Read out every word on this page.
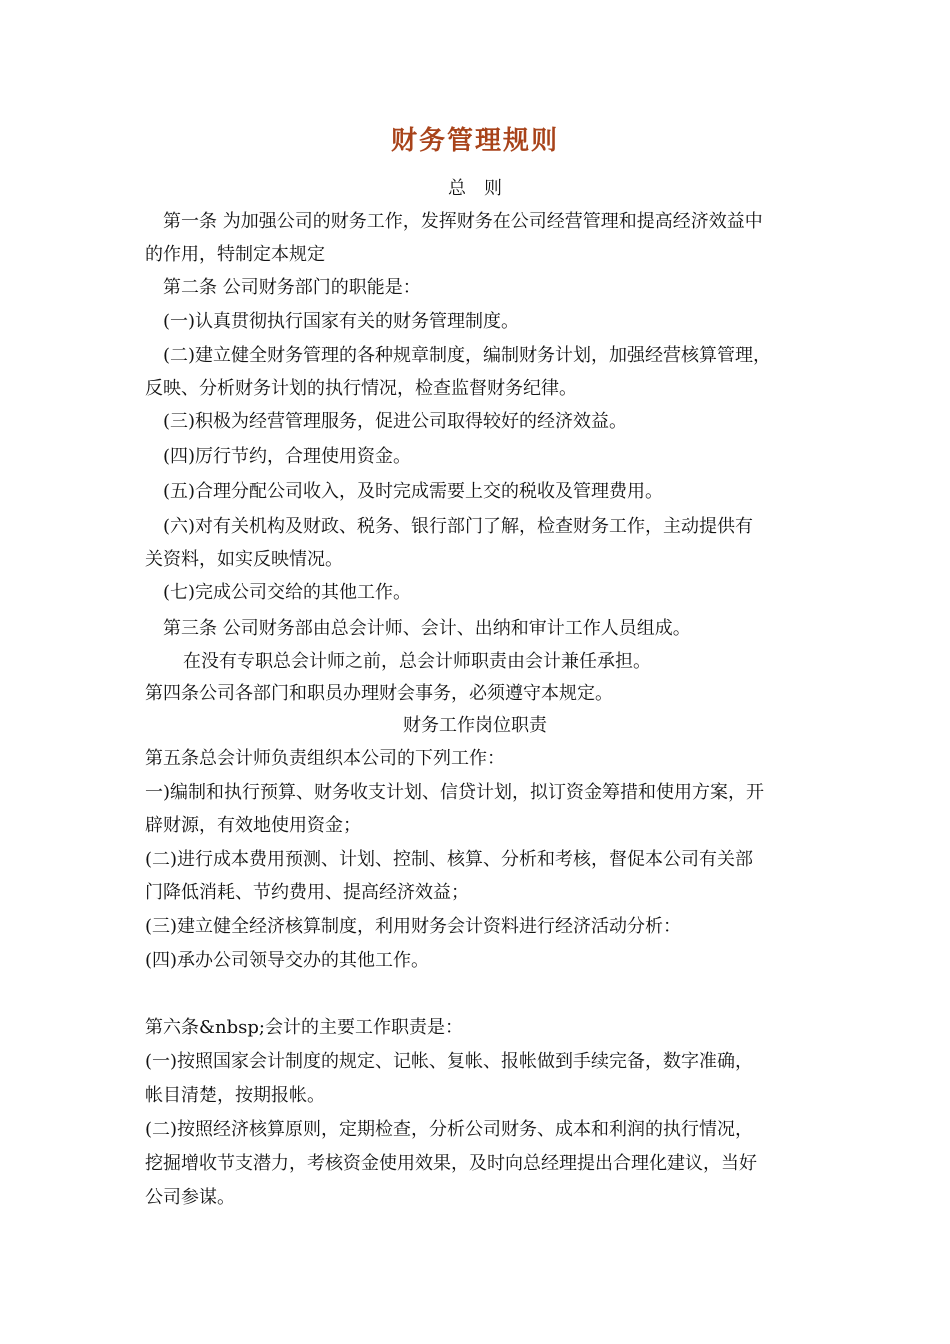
财务管理规则
总　则
第一条 为加强公司的财务工作，发挥财务在公司经营管理和提高经济效益中
的作用，特制定本规定
第二条 公司财务部门的职能是：
(一)认真贯彻执行国家有关的财务管理制度。
(二)建立健全财务管理的各种规章制度，编制财务计划，加强经营核算管理，
反映、分析财务计划的执行情况，检查监督财务纪律。
(三)积极为经营管理服务，促进公司取得较好的经济效益。
(四)厉行节约，合理使用资金。
(五)合理分配公司收入，及时完成需要上交的税收及管理费用。
(六)对有关机构及财政、税务、银行部门了解，检查财务工作，主动提供有
关资料，如实反映情况。
(七)完成公司交给的其他工作。
第三条 公司财务部由总会计师、会计、出纳和审计工作人员组成。
在没有专职总会计师之前，总会计师职责由会计兼任承担。
第四条公司各部门和职员办理财会事务，必须遵守本规定。
财务工作岗位职责
第五条总会计师负责组织本公司的下列工作：
一)编制和执行预算、财务收支计划、信贷计划，拟订资金筹措和使用方案，开
辟财源，有效地使用资金；
(二)进行成本费用预测、计划、控制、核算、分析和考核，督促本公司有关部
门降低消耗、节约费用、提高经济效益；
(三)建立健全经济核算制度，利用财务会计资料进行经济活动分析：
(四)承办公司领导交办的其他工作。
第六条&nbsp;会计的主要工作职责是：
(一)按照国家会计制度的规定、记帐、复帐、报帐做到手续完备，数字准确，
帐目清楚，按期报帐。
(二)按照经济核算原则，定期检查，分析公司财务、成本和利润的执行情况，
挖掘增收节支潜力，考核资金使用效果，及时向总经理提出合理化建议，当好
公司参谋。
